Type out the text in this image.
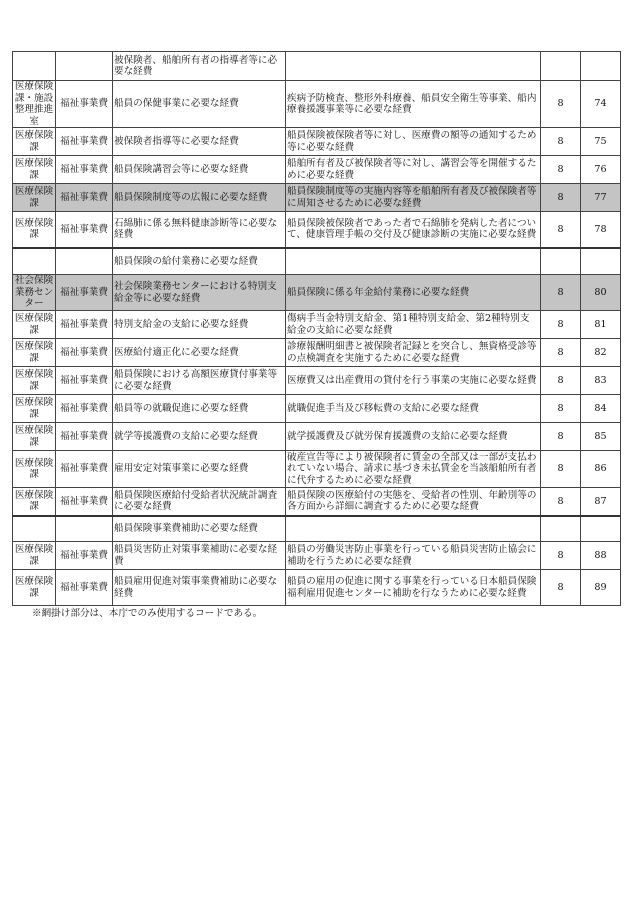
		被保険者、船舶所有者の指導者等に必要な経費			
医療保険課・施設整理推進室	福祉事業費	船員の保健事業に必要な経費	疾病予防検査、整形外科療養、船員安全衛生等事業、船内療養援護事業等に必要な経費	8	74
医療保険課	福祉事業費	被保険者指導等に必要な経費	船員保険被保険者等に対し、医療費の額等の通知するため等に必要な経費	8	75
医療保険課	福祉事業費	船員保険講習会等に必要な経費	船舶所有者及び被保険者等に対し、講習会等を開催するために必要な経費	8	76
医療保険課	福祉事業費	船員保険制度等の広報に必要な経費	船員保険制度等の実施内容等を船舶所有者及び被保険者等に周知させるために必要な経費	8	77
医療保険課	福祉事業費	石綿肺に係る無料健康診断等に必要な経費	船員保険被保険者であった者で石綿肺を発病した者について、健康管理手帳の交付及び健康診断の実施に必要な経費	8	78
		船員保険の給付業務に必要な経費			
社会保険業務センター	福祉事業費	社会保険業務センターにおける特別支給金等に必要な経費	船員保険に係る年金給付業務に必要な経費	8	80
医療保険課	福祉事業費	特別支給金の支給に必要な経費	傷病手当金特別支給金、第1種特別支給金、第2種特別支給金の支給に必要な経費	8	81
医療保険課	福祉事業費	医療給付適正化に必要な経費	診療報酬明細書と被保険者記録とを突合し、無資格受診等の点検調査を実施するために必要な経費	8	82
医療保険課	福祉事業費	船員保険における高額医療貸付事業等に必要な経費	医療費又は出産費用の貸付を行う事業の実施に必要な経費	8	83
医療保険課	福祉事業費	船員等の就職促進に必要な経費	就職促進手当及び移転費の支給に必要な経費	8	84
医療保険課	福祉事業費	就学等援護費の支給に必要な経費	就学援護費及び就労保育援護費の支給に必要な経費	8	85
医療保険課	福祉事業費	雇用安定対策事業に必要な経費	破産宣告等により被保険者に賃金の全部又は一部が支払われていない場合、請求に基づき未払賃金を当該船舶所有者に代弁するために必要な経費	8	86
医療保険課	福祉事業費	船員保険医療給付受給者状況統計調査に必要な経費	船員保険の医療給付の実態を、受給者の性別、年齢別等の各方面から詳細に調査するために必要な経費	8	87
		船員保険事業費補助に必要な経費			
医療保険課	福祉事業費	船員災害防止対策事業補助に必要な経費	船員の労働災害防止事業を行っている船員災害防止協会に補助を行うために必要な経費	8	88
医療保険課	福祉事業費	船員雇用促進対策事業費補助に必要な経費	船員の雇用の促進に関する事業を行っている日本船員保険福利雇用促進センターに補助を行なうために必要な経費	8	89
※網掛け部分は、本庁でのみ使用するコードである。
